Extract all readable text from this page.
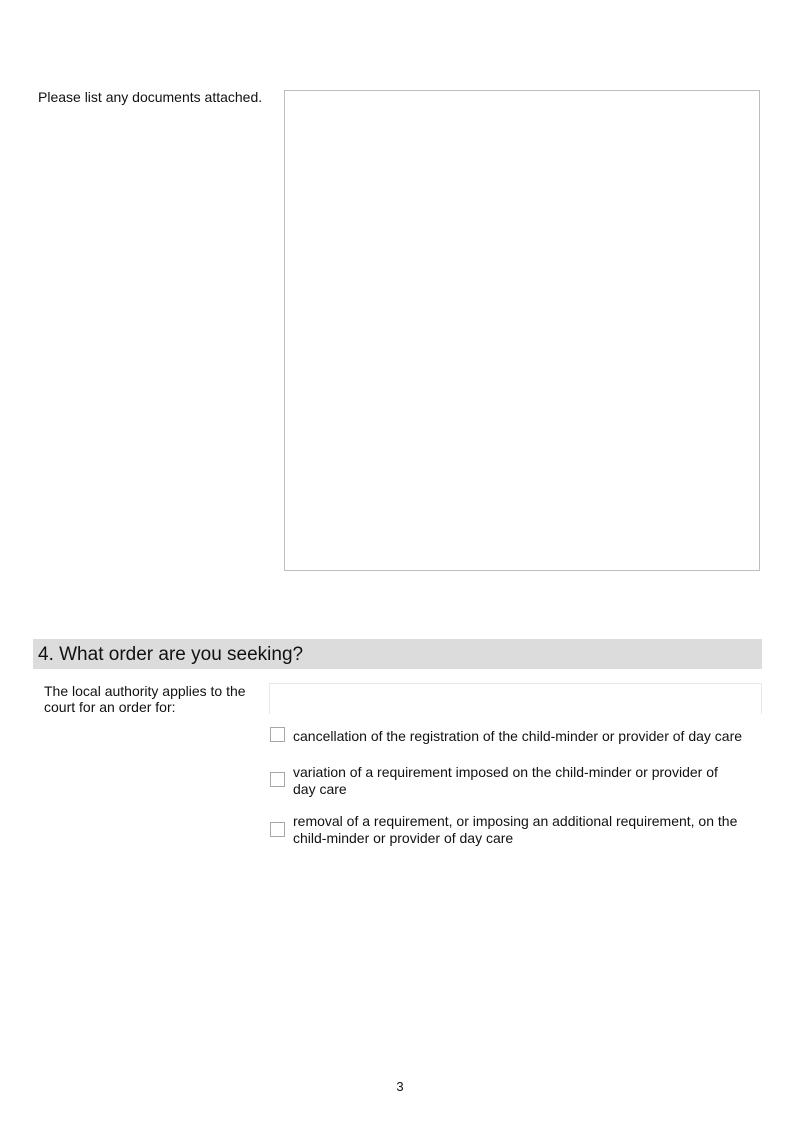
Please list any documents attached.
4. What order are you seeking?
The local authority applies to the court for an order for:
cancellation of the registration of the child-minder or provider of day care
variation of a requirement imposed on the child-minder or provider of day care
removal of a requirement, or imposing an additional requirement, on the child-minder or provider of day care
3
